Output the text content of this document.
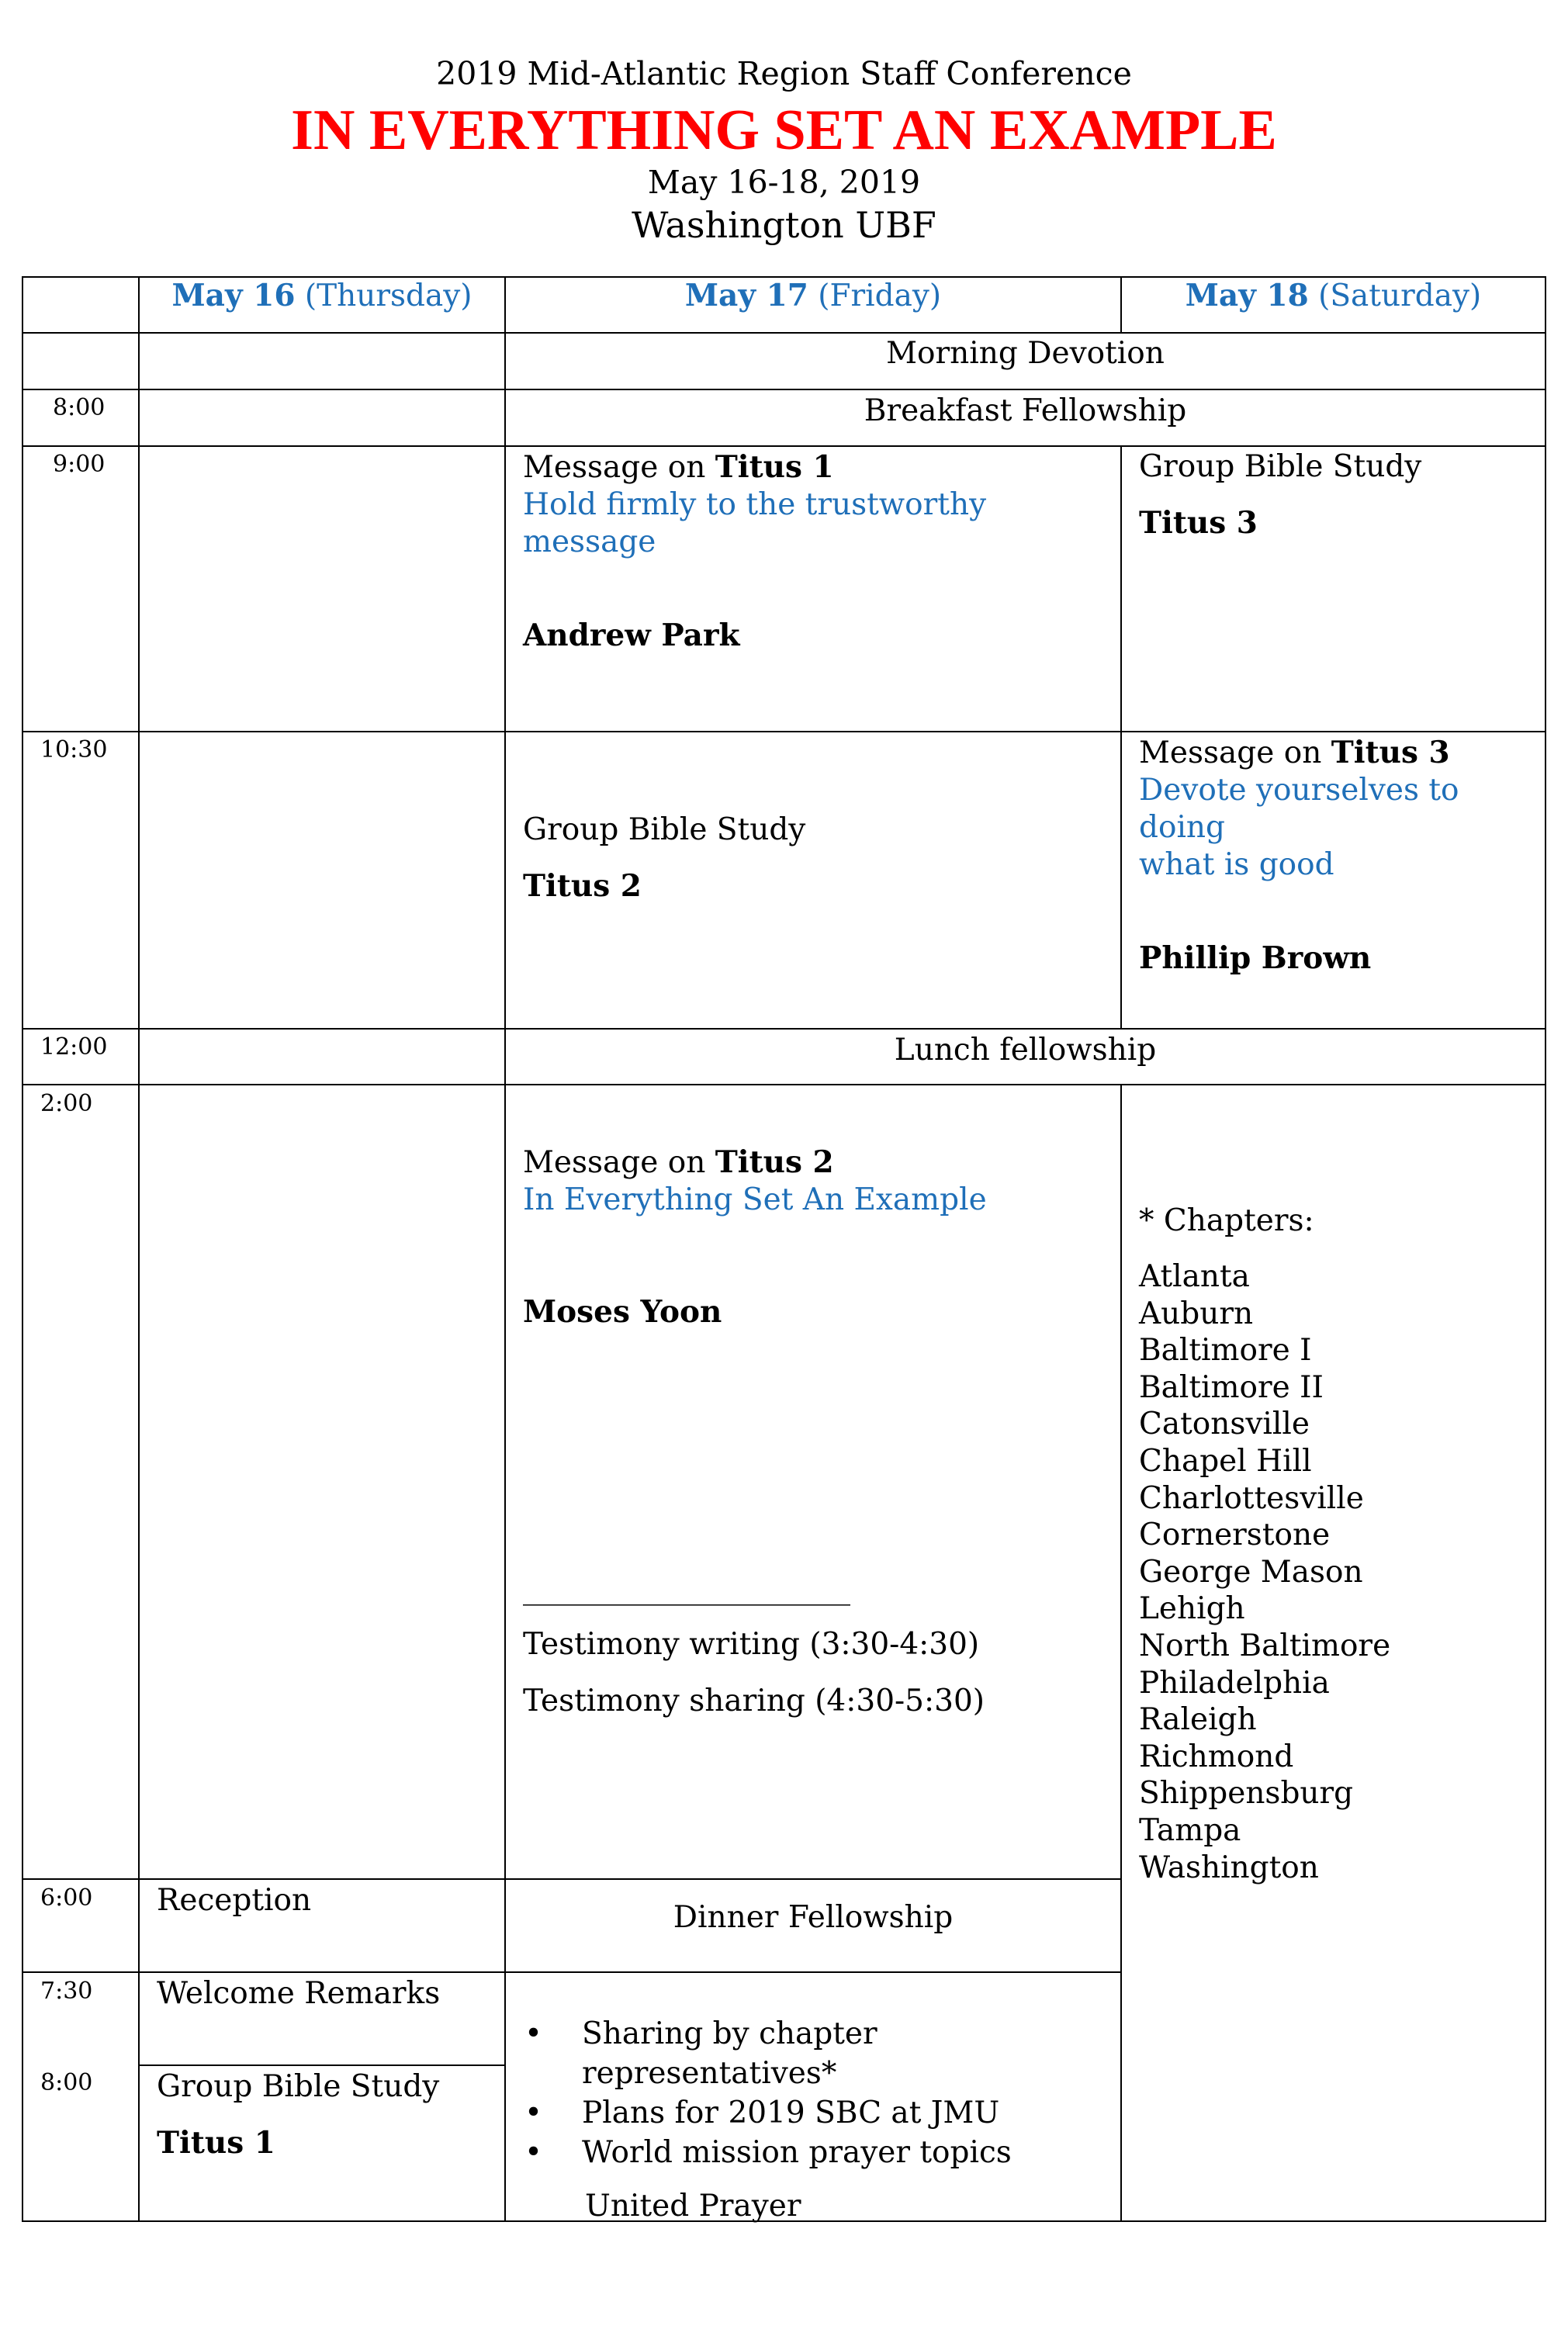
2019 Mid-Atlantic Region Staff Conference
IN EVERYTHING SET AN EXAMPLE
May 16-18, 2019
Washington UBF
May 16 (Thursday)	May 17 (Friday)	May 18 (Saturday)
8:00
9:00
10:30
12:00
2:00
6:00
7:30
8:00
Morning Devotion
Breakfast Fellowship
Message on Titus 1
Hold firmly to the trustworthy message
Andrew Park
Group Bible Study
Titus 3
Group Bible Study
Titus 2
Message on Titus 3
Devote yourselves to doing
what is good
Phillip Brown
Lunch fellowship
Message on Titus 2
In Everything Set An Example
Moses Yoon
________________________
Testimony writing (3:30-4:30)
Testimony sharing (4:30-5:30)
* Chapters:
Atlanta
Auburn
Baltimore I
Baltimore II
Catonsville
Chapel Hill
Charlottesville
Cornerstone
George Mason
Lehigh
North Baltimore
Philadelphia
Raleigh
Richmond
Shippensburg
Tampa
Washington
Reception
Welcome Remarks
Group Bible Study
Titus 1
Dinner Fellowship
• Sharing by chapter representatives*
• Plans for 2019 SBC at JMU
• World mission prayer topics
United Prayer
